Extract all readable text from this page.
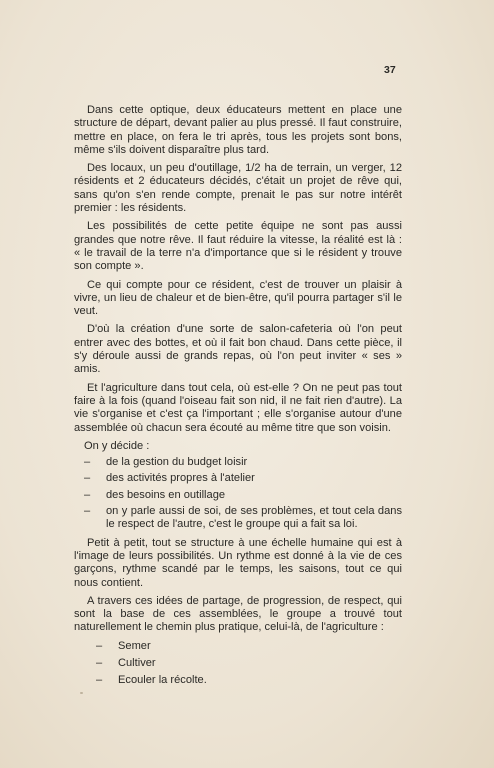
37

Dans cette optique, deux éducateurs mettent en place une structure de départ, devant palier au plus pressé. Il faut construire, mettre en place, on fera le tri après, tous les projets sont bons, même s'ils doivent disparaître plus tard.

Des locaux, un peu d'outillage, 1/2 ha de terrain, un verger, 12 résidents et 2 éducateurs décidés, c'était un projet de rêve qui, sans qu'on s'en rende compte, prenait le pas sur notre intérêt premier : les résidents.

Les possibilités de cette petite équipe ne sont pas aussi grandes que notre rêve. Il faut réduire la vitesse, la réalité est là : « le travail de la terre n'a d'importance que si le résident y trouve son compte ».

Ce qui compte pour ce résident, c'est de trouver un plaisir à vivre, un lieu de chaleur et de bien-être, qu'il pourra partager s'il le veut.

D'où la création d'une sorte de salon-cafeteria où l'on peut entrer avec des bottes, et où il fait bon chaud. Dans cette pièce, il s'y déroule aussi de grands repas, où l'on peut inviter « ses » amis.

Et l'agriculture dans tout cela, où est-elle ? On ne peut pas tout faire à la fois (quand l'oiseau fait son nid, il ne fait rien d'autre). La vie s'organise et c'est ça l'important ; elle s'organise autour d'une assemblée où chacun sera écouté au même titre que son voisin.

On y décide :

– de la gestion du budget loisir
– des activités propres à l'atelier
– des besoins en outillage
– on y parle aussi de soi, de ses problèmes, et tout cela dans le respect de l'autre, c'est le groupe qui a fait sa loi.

Petit à petit, tout se structure à une échelle humaine qui est à l'image de leurs possibilités. Un rythme est donné à la vie de ces garçons, rythme scandé par le temps, les saisons, tout ce qui nous contient.

A travers ces idées de partage, de progression, de respect, qui sont la base de ces assemblées, le groupe a trouvé tout naturellement le chemin plus pratique, celui-là, de l'agriculture :

– Semer
– Cultiver
– Ecouler la récolte.
